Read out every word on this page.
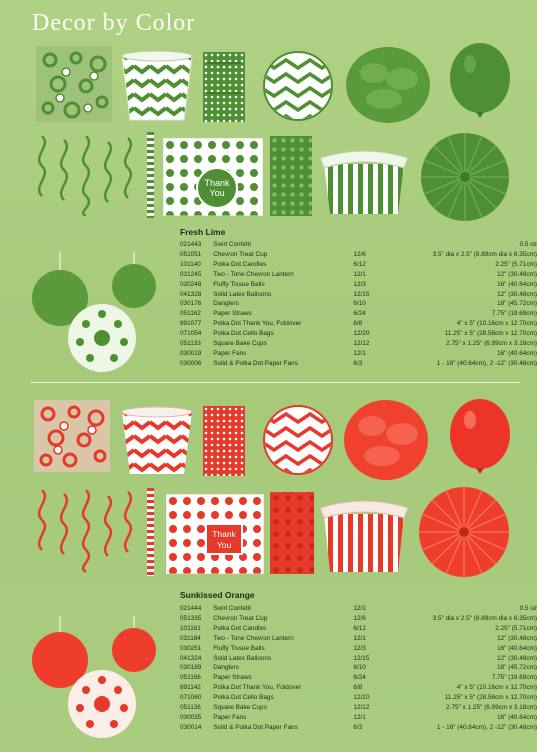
Decor by Color
Thank
You
Fresh Lime
021443	Swirl Confetti		0.5 oz
051051	Chevron Treat Cup	12/6	3.5" dia x 2.5" (8.89cm dia x 6.35cm)
101140	Polka Dot Candles	6/12	2.25" (5.71cm)
031245	Two - Tone Chevron Lantern	12/1	12" (30.48cm)
030248	Fluffy Tissue Balls	12/3	16" (40.64cm)
041328	Solid Latex Balloons	12/15	12" (30.48cm)
030176	Danglers	6/10	18" (45.72cm)
051162	Paper Straws	6/24	7.75" (19.69cm)
891077	Polka Dot Thank You, Foldover	6/8	4" x 5" (10.16cm x 12.70cm)
071054	Polka Dot Cello Bags	12/20	11.25" x 5" (28.58cm x 12.70cm)
051133	Square Bake Cups	12/12	2.75" x 1.25" (6.99cm x 3.18cm)
030019	Paper Fans	12/1	16" (40.64cm)
030006	Solid & Polka Dot Paper Fans	6/3	1 - 16" (40.64cm), 2 -12" (30.48cm)
Thank
You
Sunkissed Orange
021444	Swirl Confetti	12/1	0.5 oz
051335	Chevron Treat Cup	12/6	3.5" dia x 2.5" (8.89cm dia x 6.35cm)
101161	Polka Dot Candles	6/12	2.25" (5.71cm)
031184	Two - Tone Chevron Lantern	12/1	12" (30.48cm)
030251	Fluffy Tissue Balls	12/3	16" (40.64cm)
041324	Solid Latex Balloons	12/15	12" (30.48cm)
030189	Danglers	6/10	18" (45.72cm)
051166	Paper Straws	6/24	7.75" (19.69cm)
891142	Polka Dot Thank You, Foldover	6/8	4" x 5" (10.16cm x 12.70cm)
071060	Polka Dot Cello Bags	12/20	11.25" x 5" (28.58cm x 12.70cm)
051136	Square Bake Cups	12/12	2.75" x 1.25" (6.99cm x 3.18cm)
030035	Paper Fans	12/1	16" (40.64cm)
030014	Solid & Polka Dot Paper Fans	6/3	1 - 16" (40.64cm), 2 -12" (30.48cm)
